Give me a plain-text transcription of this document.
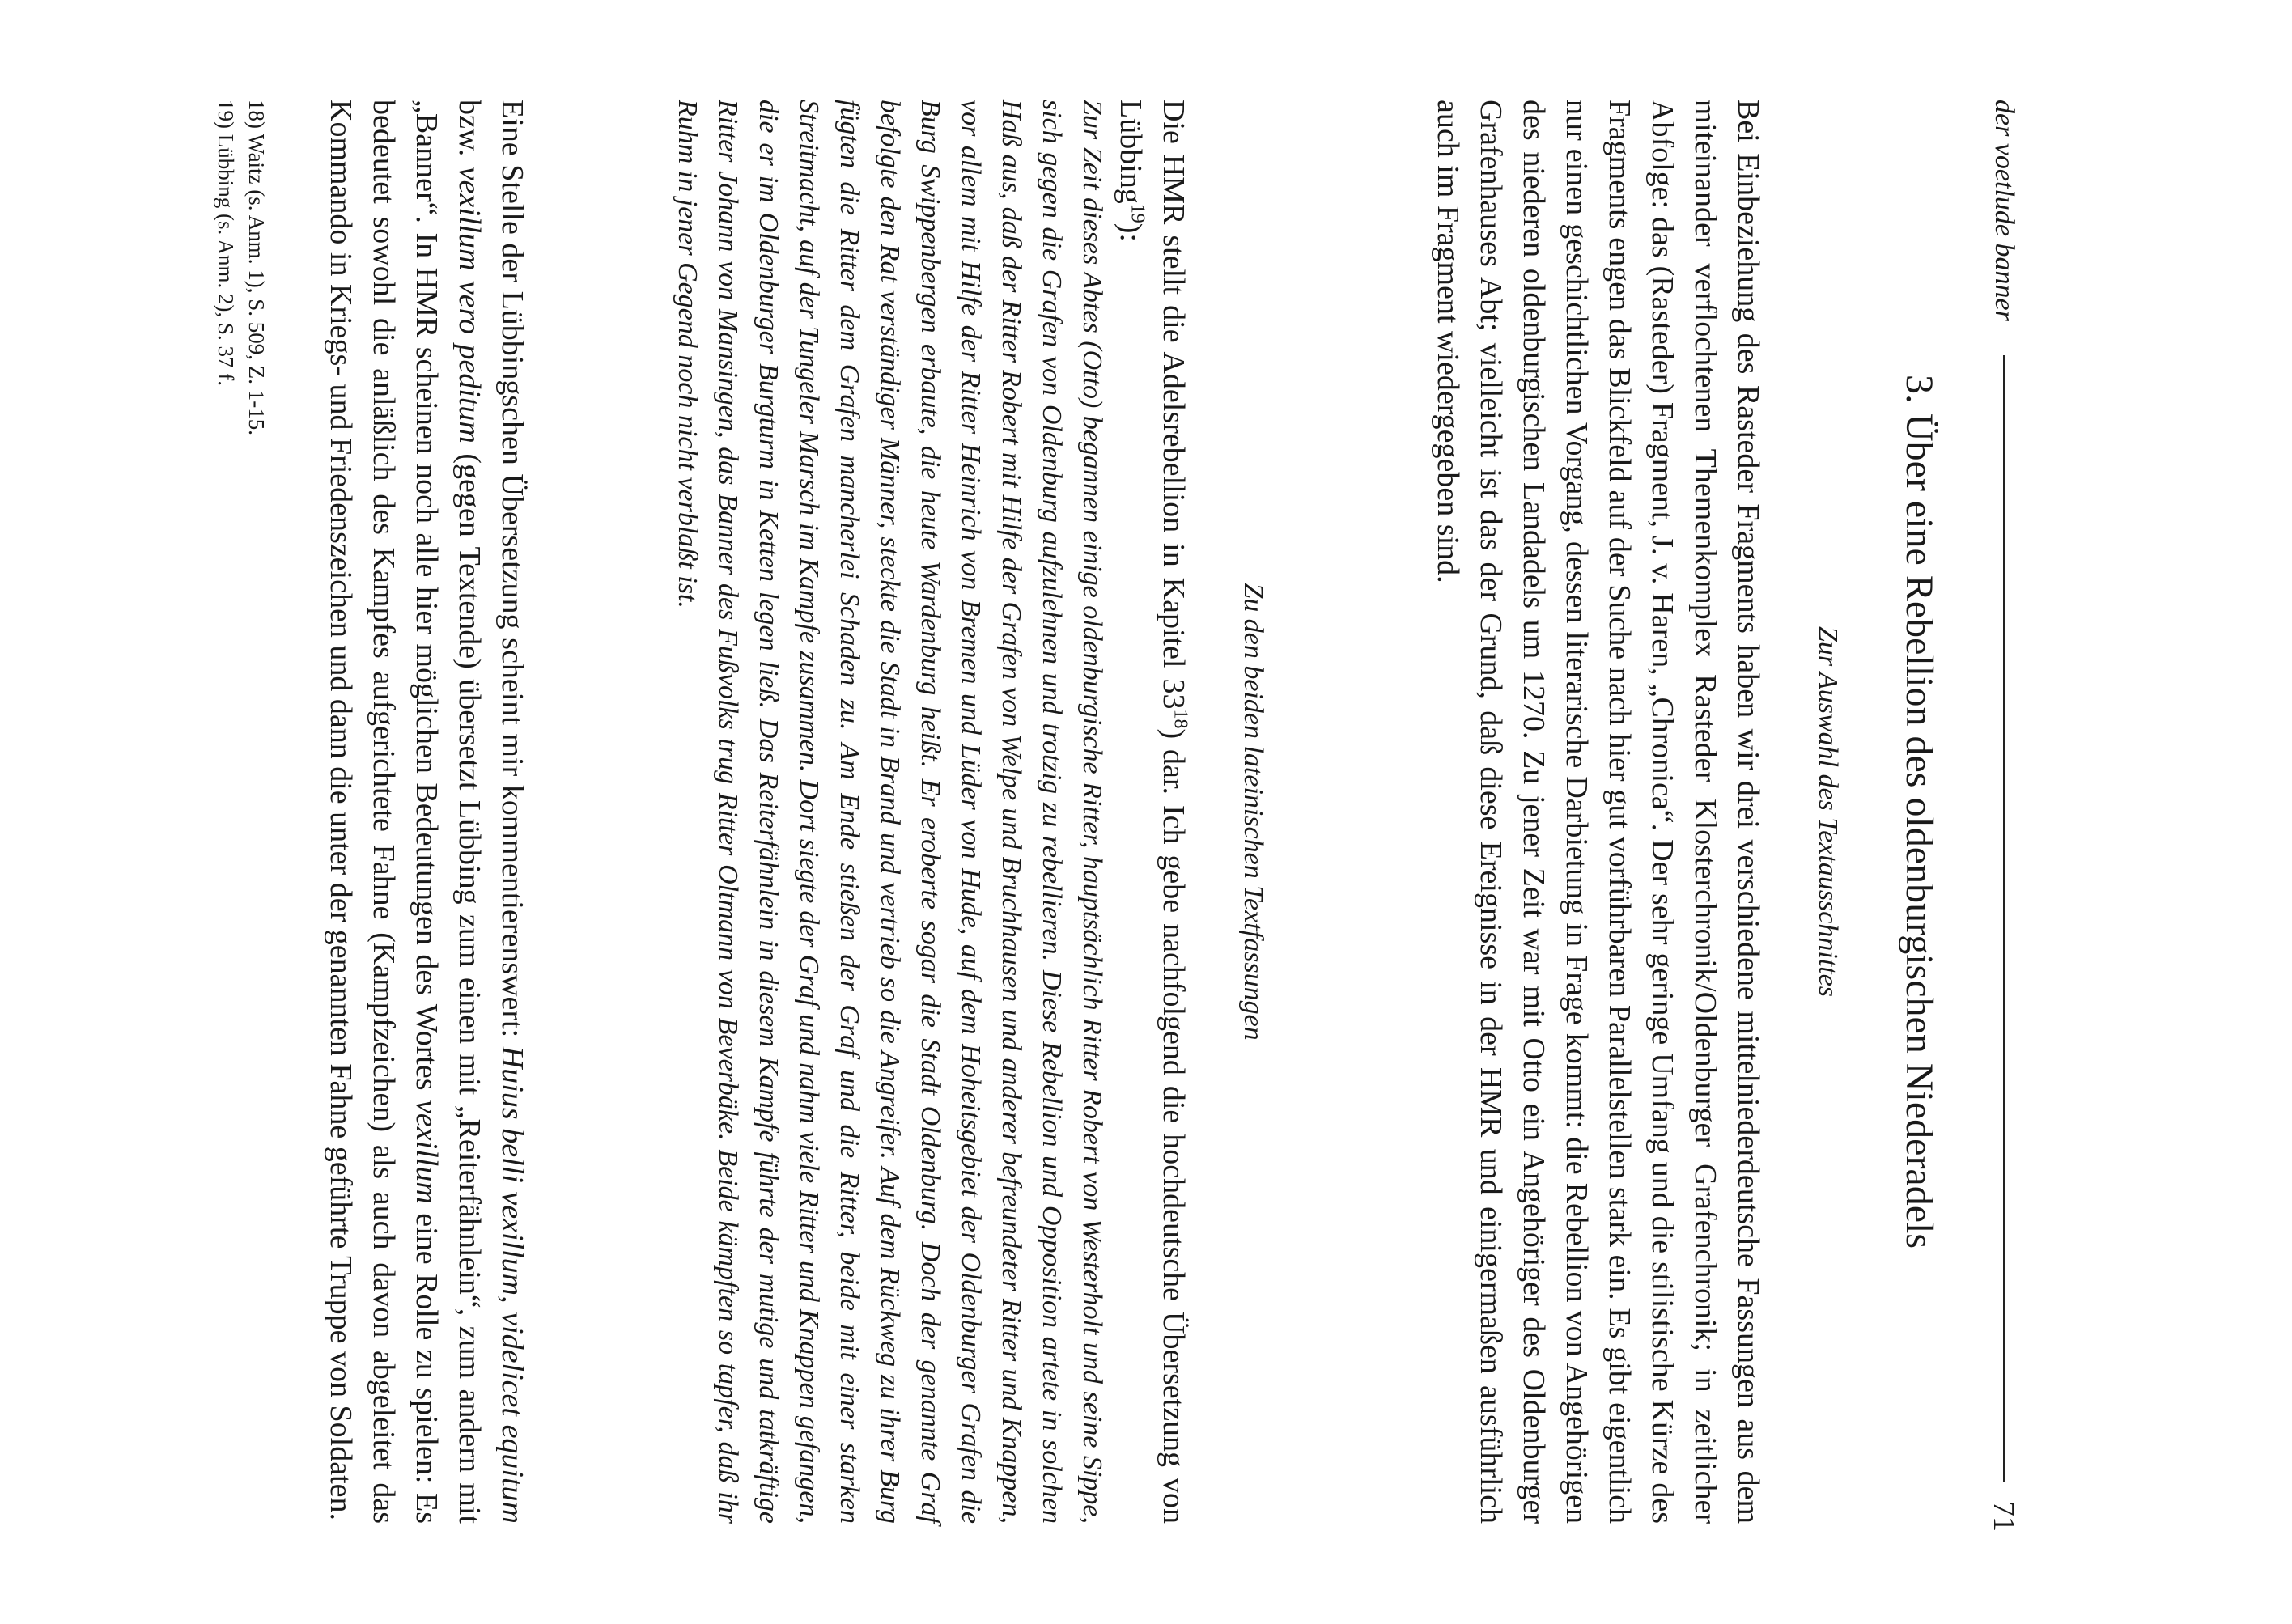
der voetlude banner
71
3. Über eine Rebellion des oldenburgischen Niederadels
Zur Auswahl des Textausschnittes

Bei Einbeziehung des Rasteder Fragments haben wir drei verschiedene mittelniederdeutsche Fassungen aus dem miteinander verflochtenen Themenkomplex Rasteder Klosterchronik/Oldenburger Grafenchronik; in zeitlicher Abfolge: das (Rasteder) Fragment, J. v. Haren, „Chronica“. Der sehr geringe Umfang und die stilistische Kürze des Fragments engen das Blickfeld auf der Suche nach hier gut vorführbaren Parallelstellen stark ein. Es gibt eigentlich nur einen geschichtlichen Vorgang, dessen literarische Darbietung in Frage kommt: die Rebellion von Angehörigen des niederen oldenburgischen Landadels um 1270. Zu jener Zeit war mit Otto ein Angehöriger des Oldenburger Grafenhauses Abt; vielleicht ist das der Grund, daß diese Ereignisse in der HMR und einigermaßen ausführlich auch im Fragment wiedergegeben sind.

Zu den beiden lateinischen Textfassungen

Die HMR stellt die Adelsrebellion in Kapitel $33^{18}$) dar. Ich gebe nachfolgend die hochdeutsche Übersetzung von Lübbing$^{19}$):

Zur Zeit dieses Abtes (Otto) begannen einige oldenburgische Ritter, hauptsächlich Ritter Robert von Westerholt und seine Sippe, sich gegen die Grafen von Oldenburg aufzulehnen und trotzig zu rebellieren. Diese Rebellion und Opposition artete in solchen Haß aus, daß der Ritter Robert mit Hilfe der Grafen von Welpe und Bruchhausen und anderer befreundeter Ritter und Knappen, vor allem mit Hilfe der Ritter Heinrich von Bremen und Lüder von Hude, auf dem Hoheitsgebiet der Oldenburger Grafen die Burg Swippenbergen erbaute, die heute Wardenburg heißt. Er eroberte sogar die Stadt Oldenburg. Doch der genannte Graf befolgte den Rat verständiger Männer, steckte die Stadt in Brand und vertrieb so die Angreifer. Auf dem Rückweg zu ihrer Burg fügten die Ritter dem Grafen mancherlei Schaden zu. Am Ende stießen der Graf und die Ritter, beide mit einer starken Streitmacht, auf der Tungeler Marsch im Kampfe zusammen. Dort siegte der Graf und nahm viele Ritter und Knappen gefangen, die er im Oldenburger Burgturm in Ketten legen ließ. Das Reiterfähnlein in diesem Kampfe führte der mutige und tatkräftige Ritter Johann von Mansingen, das Banner des Fußvolks trug Ritter Oltmann von Beverbäke. Beide kämpften so tapfer, daß ihr Ruhm in jener Gegend noch nicht verblaßt ist.

Eine Stelle der Lübbingschen Übersetzung scheint mir kommentierenswert: Huius belli vexillum, videlicet equitum bzw. vexillum vero peditum (gegen Textende) übersetzt Lübbing zum einen mit „Reiterfähnlein“, zum andern mit „Banner“. In HMR scheinen noch alle hier möglichen Bedeutungen des Wortes vexillum eine Rolle zu spielen: Es bedeutet sowohl die anläßlich des Kampfes aufgerichtete Fahne (Kampfzeichen) als auch davon abgeleitet das Kommando in Kriegs- und Friedenszeichen und dann die unter der genannten Fahne geführte Truppe von Soldaten.

18) Waitz (s. Anm. 1), S. 509, Z. 1-15.
19) Lübbing (s. Anm. 2), S. 37 f.
